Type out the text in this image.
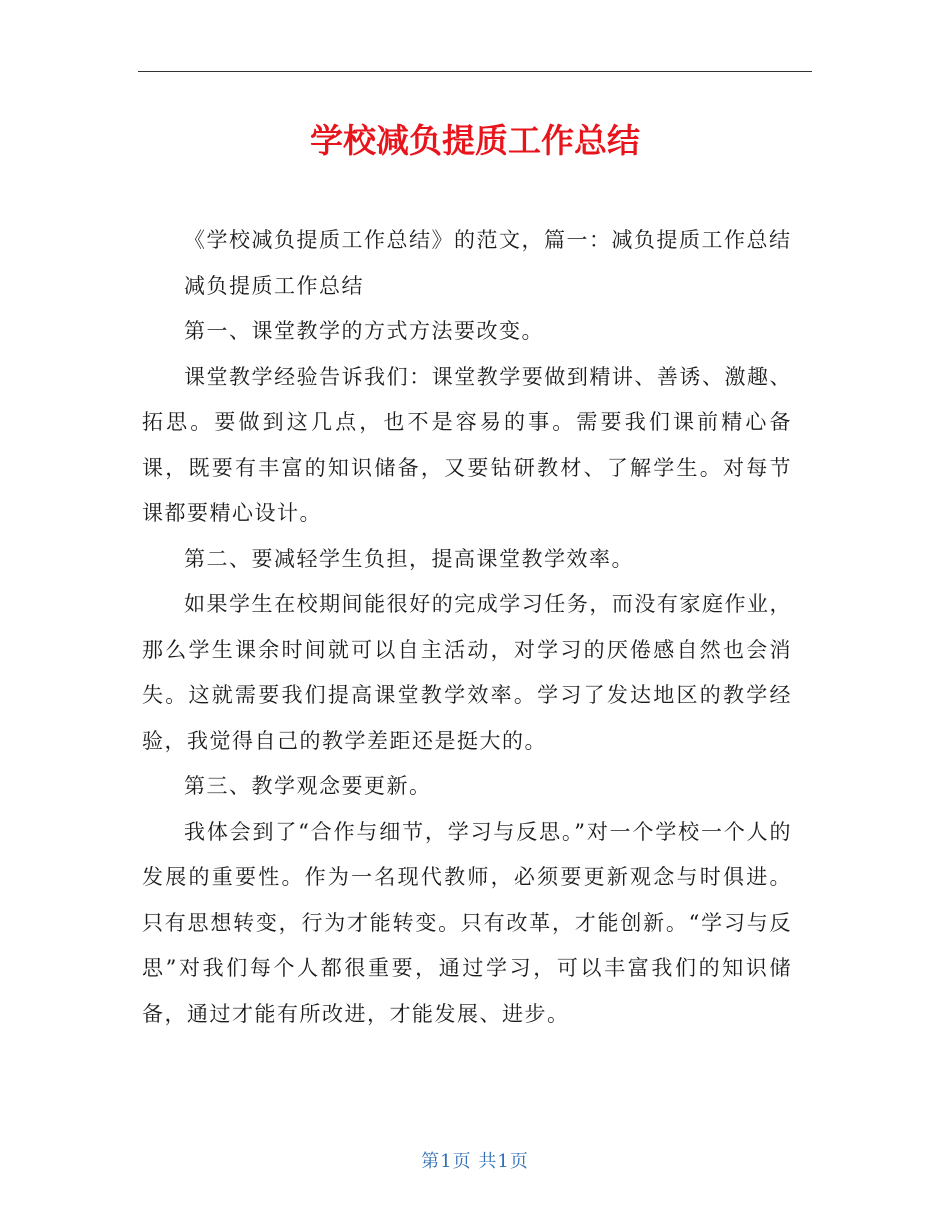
学校减负提质工作总结

《学校减负提质工作总结》的范文，篇一：减负提质工作总结

减负提质工作总结

第一、课堂教学的方式方法要改变。

课堂教学经验告诉我们：课堂教学要做到精讲、善诱、激趣、拓思。要做到这几点，也不是容易的事。需要我们课前精心备课，既要有丰富的知识储备，又要钻研教材、了解学生。对每节课都要精心设计。

第二、要减轻学生负担，提高课堂教学效率。

如果学生在校期间能很好的完成学习任务，而没有家庭作业，那么学生课余时间就可以自主活动，对学习的厌倦感自然也会消失。这就需要我们提高课堂教学效率。学习了发达地区的教学经验，我觉得自己的教学差距还是挺大的。

第三、教学观念要更新。

我体会到了“合作与细节，学习与反思。”对一个学校一个人的发展的重要性。作为一名现代教师，必须要更新观念与时俱进。只有思想转变，行为才能转变。只有改革，才能创新。“学习与反思”对我们每个人都很重要，通过学习，可以丰富我们的知识储备，通过才能有所改进，才能发展、进步。

第1页 共1页
